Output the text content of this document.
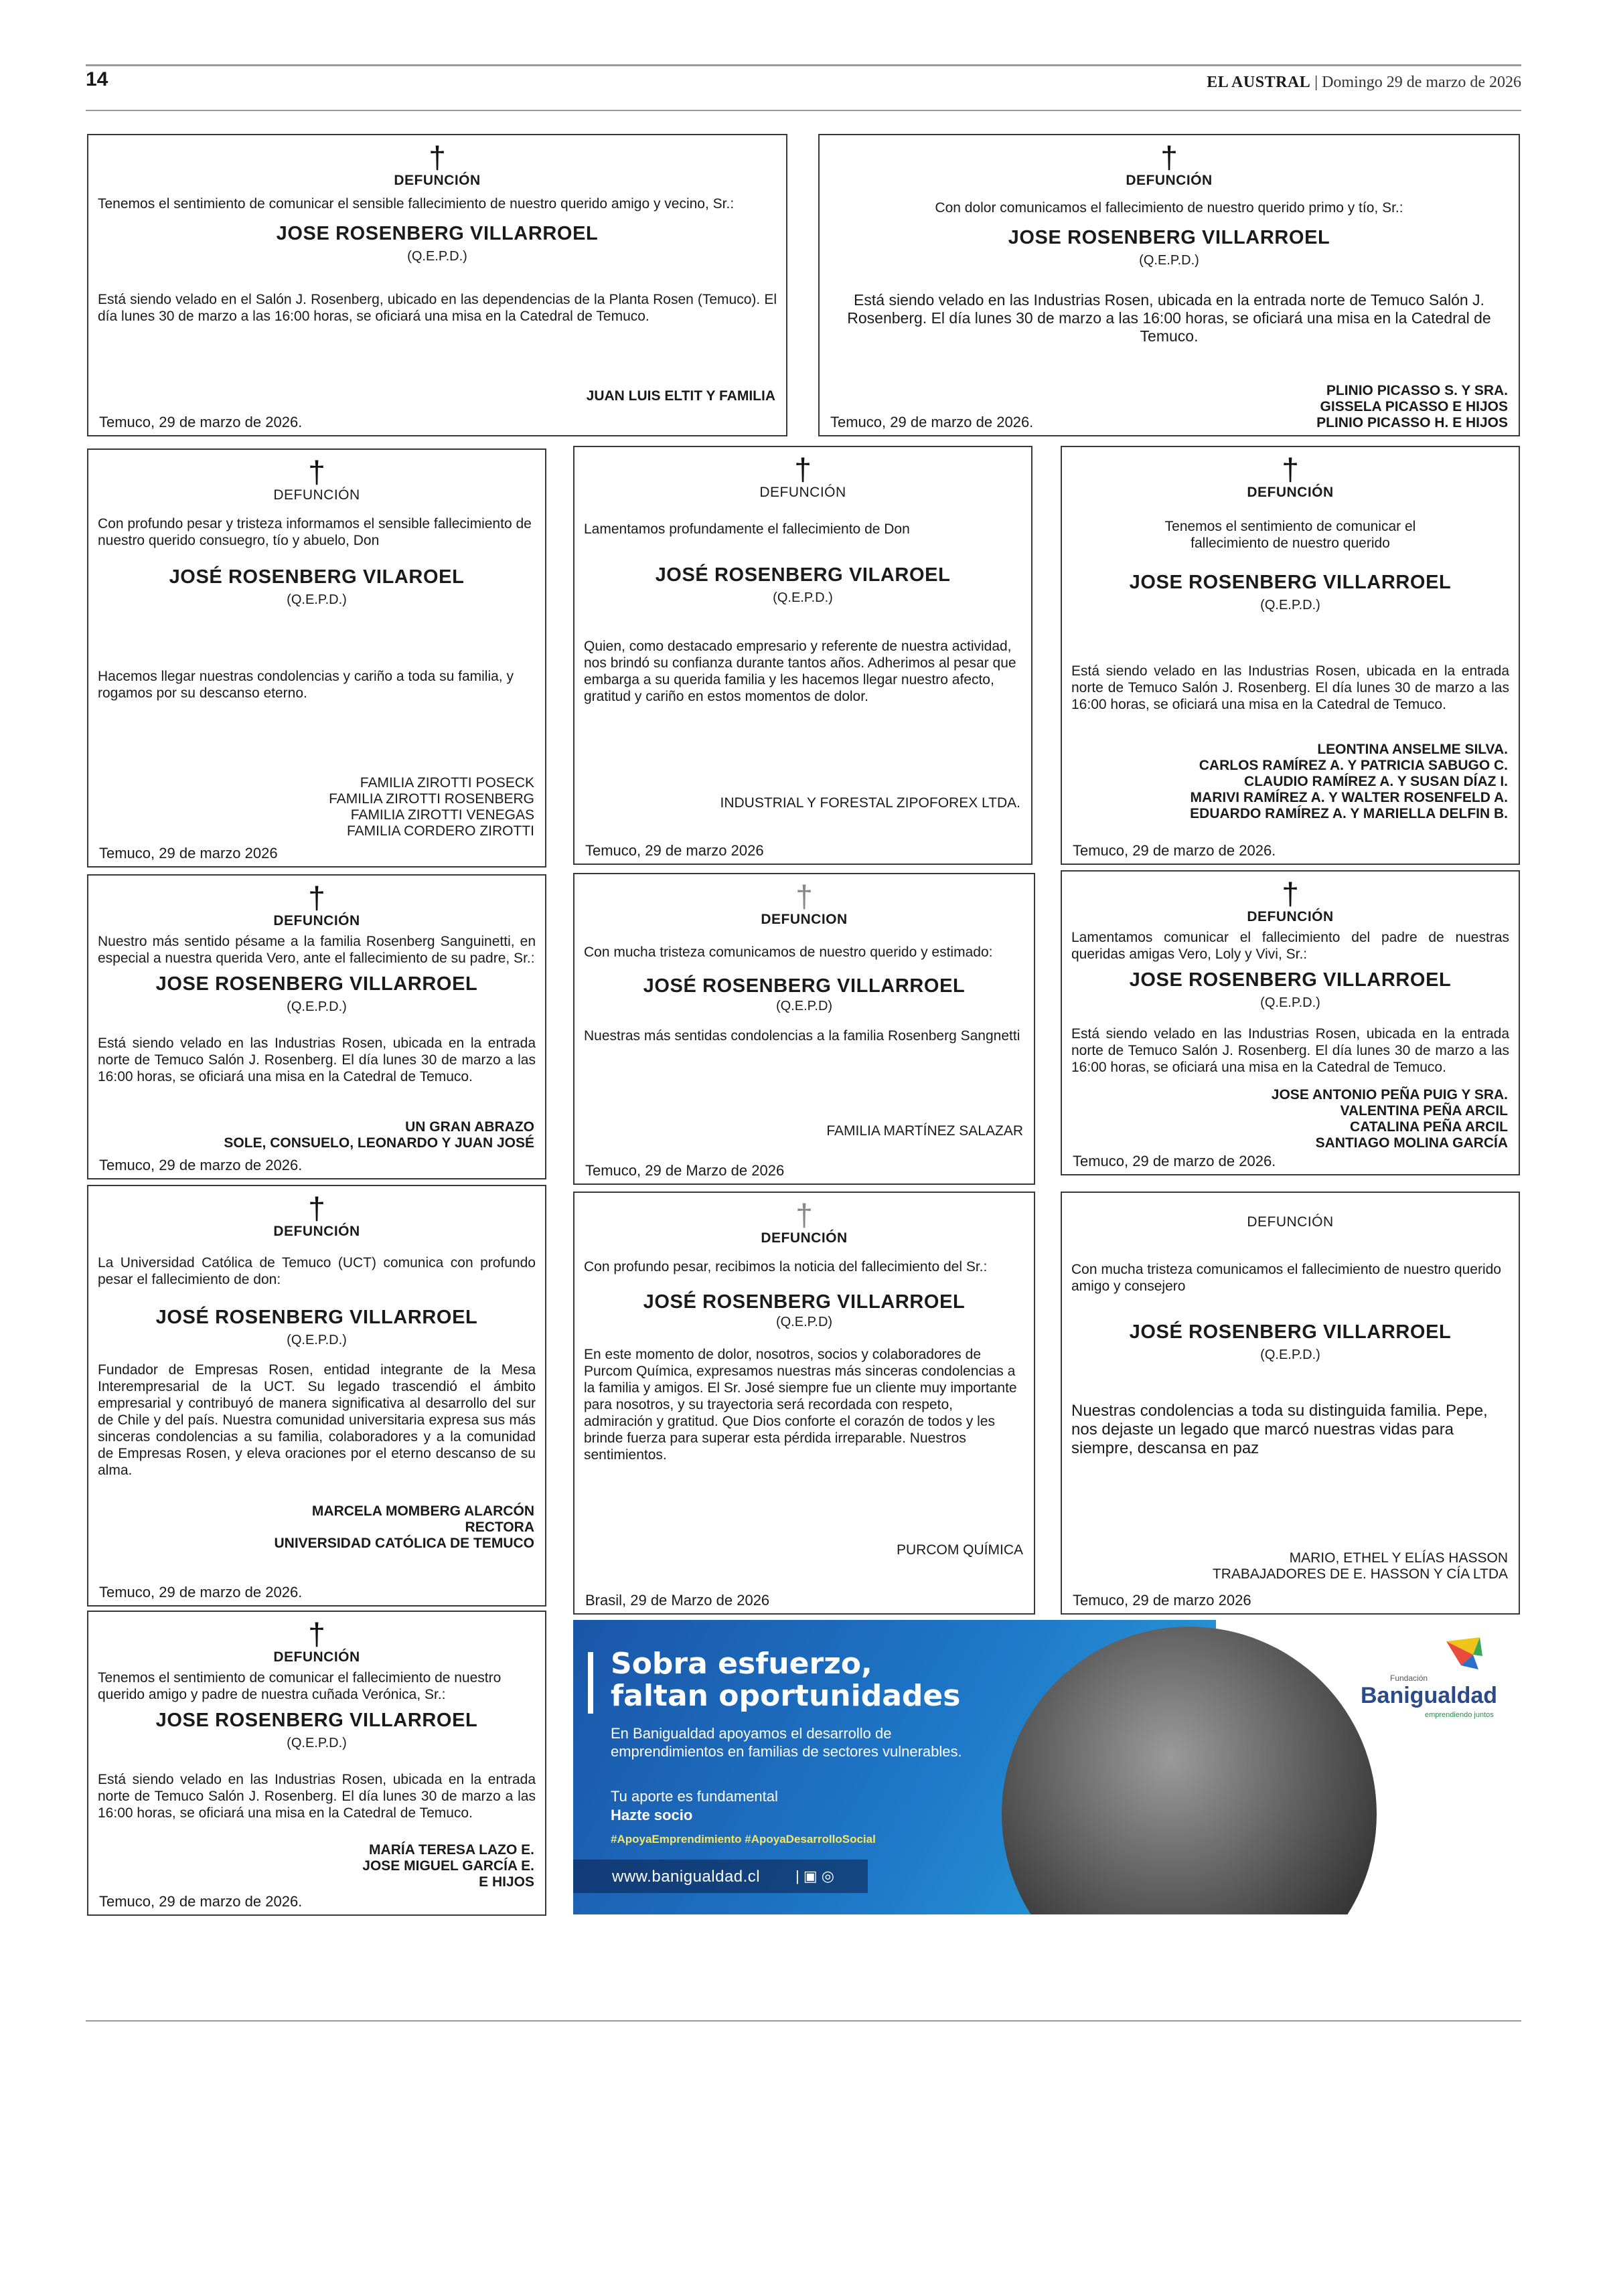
14	EL AUSTRAL | Domingo 29 de marzo de 2026
†
DEFUNCIÓN
Tenemos el sentimiento de comunicar el sensible fallecimiento de nuestro querido amigo y vecino, Sr.:
JOSE ROSENBERG VILLARROEL
(Q.E.P.D.)
Está siendo velado en el Salón J. Rosenberg, ubicado en las dependencias de la Planta Rosen (Temuco). El día lunes 30 de marzo a las 16:00 horas, se oficiará una misa en la Catedral de Temuco.
JUAN LUIS ELTIT Y FAMILIA
Temuco, 29 de marzo de 2026.
†
DEFUNCIÓN
Con dolor comunicamos el fallecimiento de nuestro querido primo y tío, Sr.:
JOSE ROSENBERG VILLARROEL
(Q.E.P.D.)
Está siendo velado en las Industrias Rosen, ubicada en la entrada norte de Temuco Salón J. Rosenberg. El día lunes 30 de marzo a las 16:00 horas, se oficiará una misa en la Catedral de Temuco.
PLINIO PICASSO S. Y SRA.
GISSELA PICASSO E HIJOS
PLINIO PICASSO H. E HIJOS
Temuco, 29 de marzo de 2026.
†
DEFUNCIÓN
Con profundo pesar y tristeza informamos el sensible fallecimiento de nuestro querido consuegro, tío y abuelo, Don
JOSÉ ROSENBERG VILAROEL
(Q.E.P.D.)
Hacemos llegar nuestras condolencias y cariño a toda su familia, y rogamos por su descanso eterno.
FAMILIA ZIROTTI POSECK
FAMILIA ZIROTTI ROSENBERG
FAMILIA ZIROTTI VENEGAS
FAMILIA CORDERO ZIROTTI
Temuco, 29 de marzo 2026
†
DEFUNCIÓN
Lamentamos profundamente el fallecimiento de Don
JOSÉ ROSENBERG VILAROEL
(Q.E.P.D.)
Quien, como destacado empresario y referente de nuestra actividad, nos brindó su confianza durante tantos años. Adherimos al pesar que embarga a su querida familia y les hacemos llegar nuestro afecto, gratitud y cariño en estos momentos de dolor.
INDUSTRIAL Y FORESTAL ZIPOFOREX LTDA.
Temuco, 29 de marzo 2026
†
DEFUNCIÓN
Tenemos el sentimiento de comunicar el fallecimiento de nuestro querido
JOSE ROSENBERG VILLARROEL
(Q.E.P.D.)
Está siendo velado en las Industrias Rosen, ubicada en la entrada norte de Temuco Salón J. Rosenberg. El día lunes 30 de marzo a las 16:00 horas, se oficiará una misa en la Catedral de Temuco.
LEONTINA ANSELME SILVA.
CARLOS RAMÍREZ A. Y PATRICIA SABUGO C.
CLAUDIO RAMÍREZ A. Y SUSAN DÍAZ I.
MARIVI RAMÍREZ A. Y WALTER ROSENFELD A.
EDUARDO RAMÍREZ A. Y MARIELLA DELFIN B.
Temuco, 29 de marzo de 2026.
†
DEFUNCIÓN
Nuestro más sentido pésame a la familia Rosenberg Sanguinetti, en especial a nuestra querida Vero, ante el fallecimiento de su padre, Sr.:
JOSE ROSENBERG VILLARROEL
(Q.E.P.D.)
Está siendo velado en las Industrias Rosen, ubicada en la entrada norte de Temuco Salón J. Rosenberg. El día lunes 30 de marzo a las 16:00 horas, se oficiará una misa en la Catedral de Temuco.
UN GRAN ABRAZO
SOLE, CONSUELO, LEONARDO Y JUAN JOSÉ
Temuco, 29 de marzo de 2026.
†
DEFUNCION
Con mucha tristeza comunicamos de nuestro querido y estimado:
JOSÉ ROSENBERG VILLARROEL
(Q.E.P.D)
Nuestras más sentidas condolencias a la familia Rosenberg Sangnetti
FAMILIA MARTÍNEZ SALAZAR
Temuco, 29 de Marzo de 2026
†
DEFUNCIÓN
Lamentamos comunicar el fallecimiento del padre de nuestras queridas amigas Vero, Loly y Vivi, Sr.:
JOSE ROSENBERG VILLARROEL
(Q.E.P.D.)
Está siendo velado en las Industrias Rosen, ubicada en la entrada norte de Temuco Salón J. Rosenberg. El día lunes 30 de marzo a las 16:00 horas, se oficiará una misa en la Catedral de Temuco.
JOSE ANTONIO PEÑA PUIG Y SRA.
VALENTINA PEÑA ARCIL
CATALINA PEÑA ARCIL
SANTIAGO MOLINA GARCÍA
Temuco, 29 de marzo de 2026.
†
DEFUNCIÓN
La Universidad Católica de Temuco (UCT) comunica con profundo pesar el fallecimiento de don:
JOSÉ ROSENBERG VILLARROEL
(Q.E.P.D.)
Fundador de Empresas Rosen, entidad integrante de la Mesa Interempresarial de la UCT. Su legado trascendió el ámbito empresarial y contribuyó de manera significativa al desarrollo del sur de Chile y del país. Nuestra comunidad universitaria expresa sus más sinceras condolencias a su familia, colaboradores y a la comunidad de Empresas Rosen, y eleva oraciones por el eterno descanso de su alma.
MARCELA MOMBERG ALARCÓN
RECTORA
UNIVERSIDAD CATÓLICA DE TEMUCO
Temuco, 29 de marzo de 2026.
†
DEFUNCIÓN
Con profundo pesar, recibimos la noticia del fallecimiento del Sr.:
JOSÉ ROSENBERG VILLARROEL
(Q.E.P.D)
En este momento de dolor, nosotros, socios y colaboradores de Purcom Química, expresamos nuestras más sinceras condolencias a la familia y amigos. El Sr. José siempre fue un cliente muy importante para nosotros, y su trayectoria será recordada con respeto, admiración y gratitud. Que Dios conforte el corazón de todos y les brinde fuerza para superar esta pérdida irreparable. Nuestros sentimientos.
PURCOM QUÍMICA
Brasil, 29 de Marzo de 2026
DEFUNCIÓN
Con mucha tristeza comunicamos el fallecimiento de nuestro querido amigo y consejero
JOSÉ ROSENBERG VILLARROEL
(Q.E.P.D.)
Nuestras condolencias a toda su distinguida familia. Pepe, nos dejaste un legado que marcó nuestras vidas para siempre, descansa en paz
MARIO, ETHEL Y ELÍAS HASSON
TRABAJADORES DE E. HASSON Y CÍA LTDA
Temuco, 29 de marzo 2026
†
DEFUNCIÓN
Tenemos el sentimiento de comunicar el fallecimiento de nuestro querido amigo y padre de nuestra cuñada Verónica, Sr.:
JOSE ROSENBERG VILLARROEL
(Q.E.P.D.)
Está siendo velado en las Industrias Rosen, ubicada en la entrada norte de Temuco Salón J. Rosenberg. El día lunes 30 de marzo a las 16:00 horas, se oficiará una misa en la Catedral de Temuco.
MARÍA TERESA LAZO E.
JOSE MIGUEL GARCÍA E.
E HIJOS
Temuco, 29 de marzo de 2026.
Sobra esfuerzo,
faltan oportunidades
En Banigualdad apoyamos el desarrollo de emprendimientos en familias de sectores vulnerables.
Tu aporte es fundamental
Hazte socio
#ApoyaEmprendimiento #ApoyaDesarrolloSocial
www.banigualdad.cl | ▣ ◎
Fundación
Banigualdad
emprendiendo juntos
